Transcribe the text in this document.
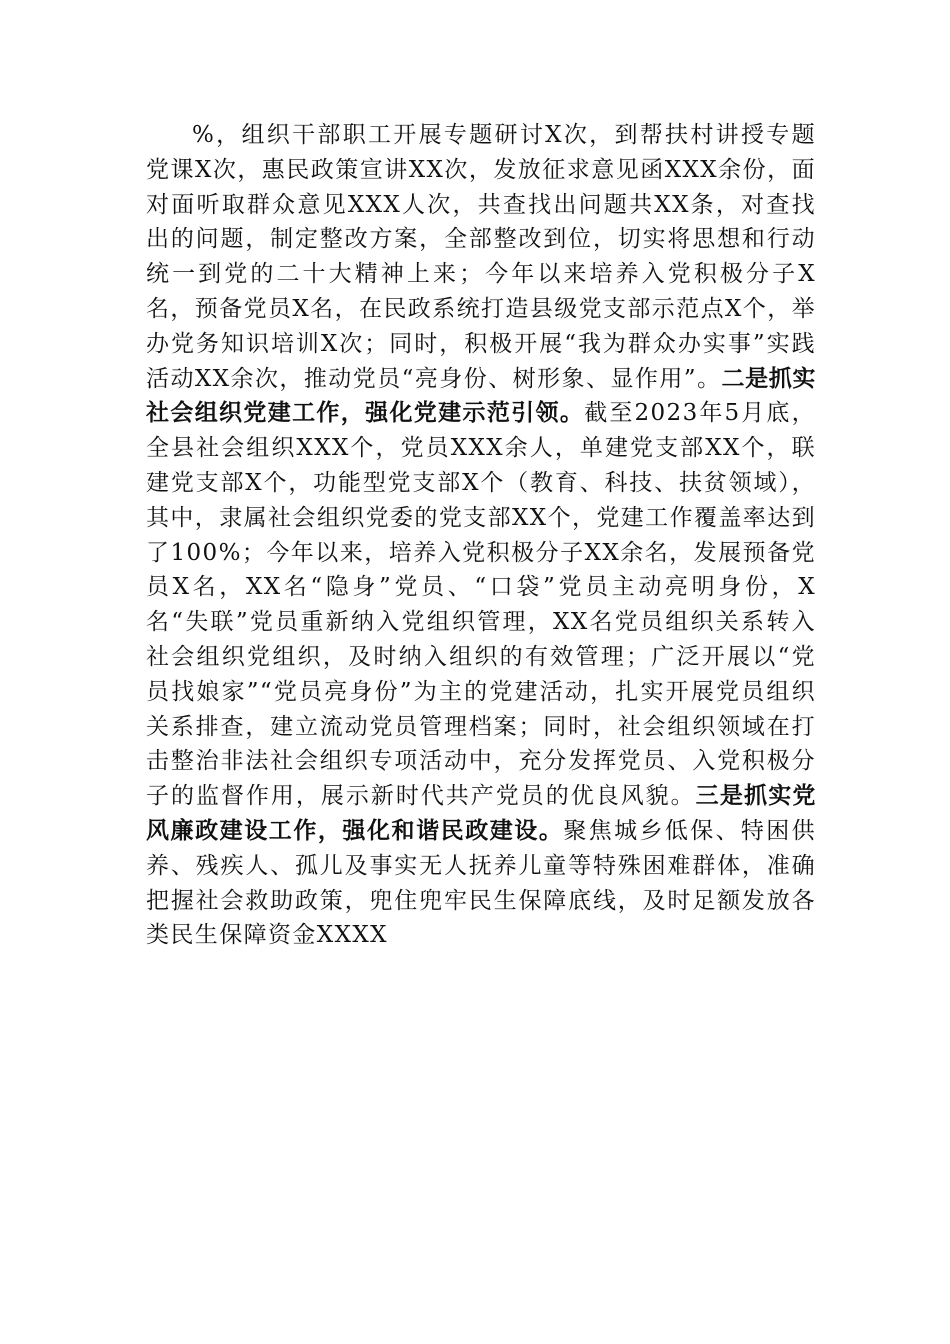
%，组织干部职工开展专题研讨X次，到帮扶村讲授专题党课X次，惠民政策宣讲XX次，发放征求意见函XXX余份，面对面听取群众意见XXX人次，共查找出问题共XX条，对查找出的问题，制定整改方案，全部整改到位，切实将思想和行动统一到党的二十大精神上来；今年以来培养入党积极分子X名，预备党员X名，在民政系统打造县级党支部示范点X个，举办党务知识培训X次；同时，积极开展“我为群众办实事”实践活动XX余次，推动党员“亮身份、树形象、显作用”。二是抓实社会组织党建工作，强化党建示范引领。截至2023年5月底，全县社会组织XXX个，党员XXX余人，单建党支部XX个，联建党支部X个，功能型党支部X个（教育、科技、扶贫领域），其中，隶属社会组织党委的党支部XX个，党建工作覆盖率达到了100%；今年以来，培养入党积极分子XX余名，发展预备党员X名，XX名“隐身”党员、“口袋”党员主动亮明身份，X名“失联”党员重新纳入党组织管理，XX名党员组织关系转入社会组织党组织，及时纳入组织的有效管理；广泛开展以“党员找娘家”“党员亮身份”为主的党建活动，扎实开展党员组织关系排查，建立流动党员管理档案；同时，社会组织领域在打击整治非法社会组织专项活动中，充分发挥党员、入党积极分子的监督作用，展示新时代共产党员的优良风貌。三是抓实党风廉政建设工作，强化和谐民政建设。聚焦城乡低保、特困供养、残疾人、孤儿及事实无人抚养儿童等特殊困难群体，准确把握社会救助政策，兜住兜牢民生保障底线，及时足额发放各类民生保障资金XXXX
